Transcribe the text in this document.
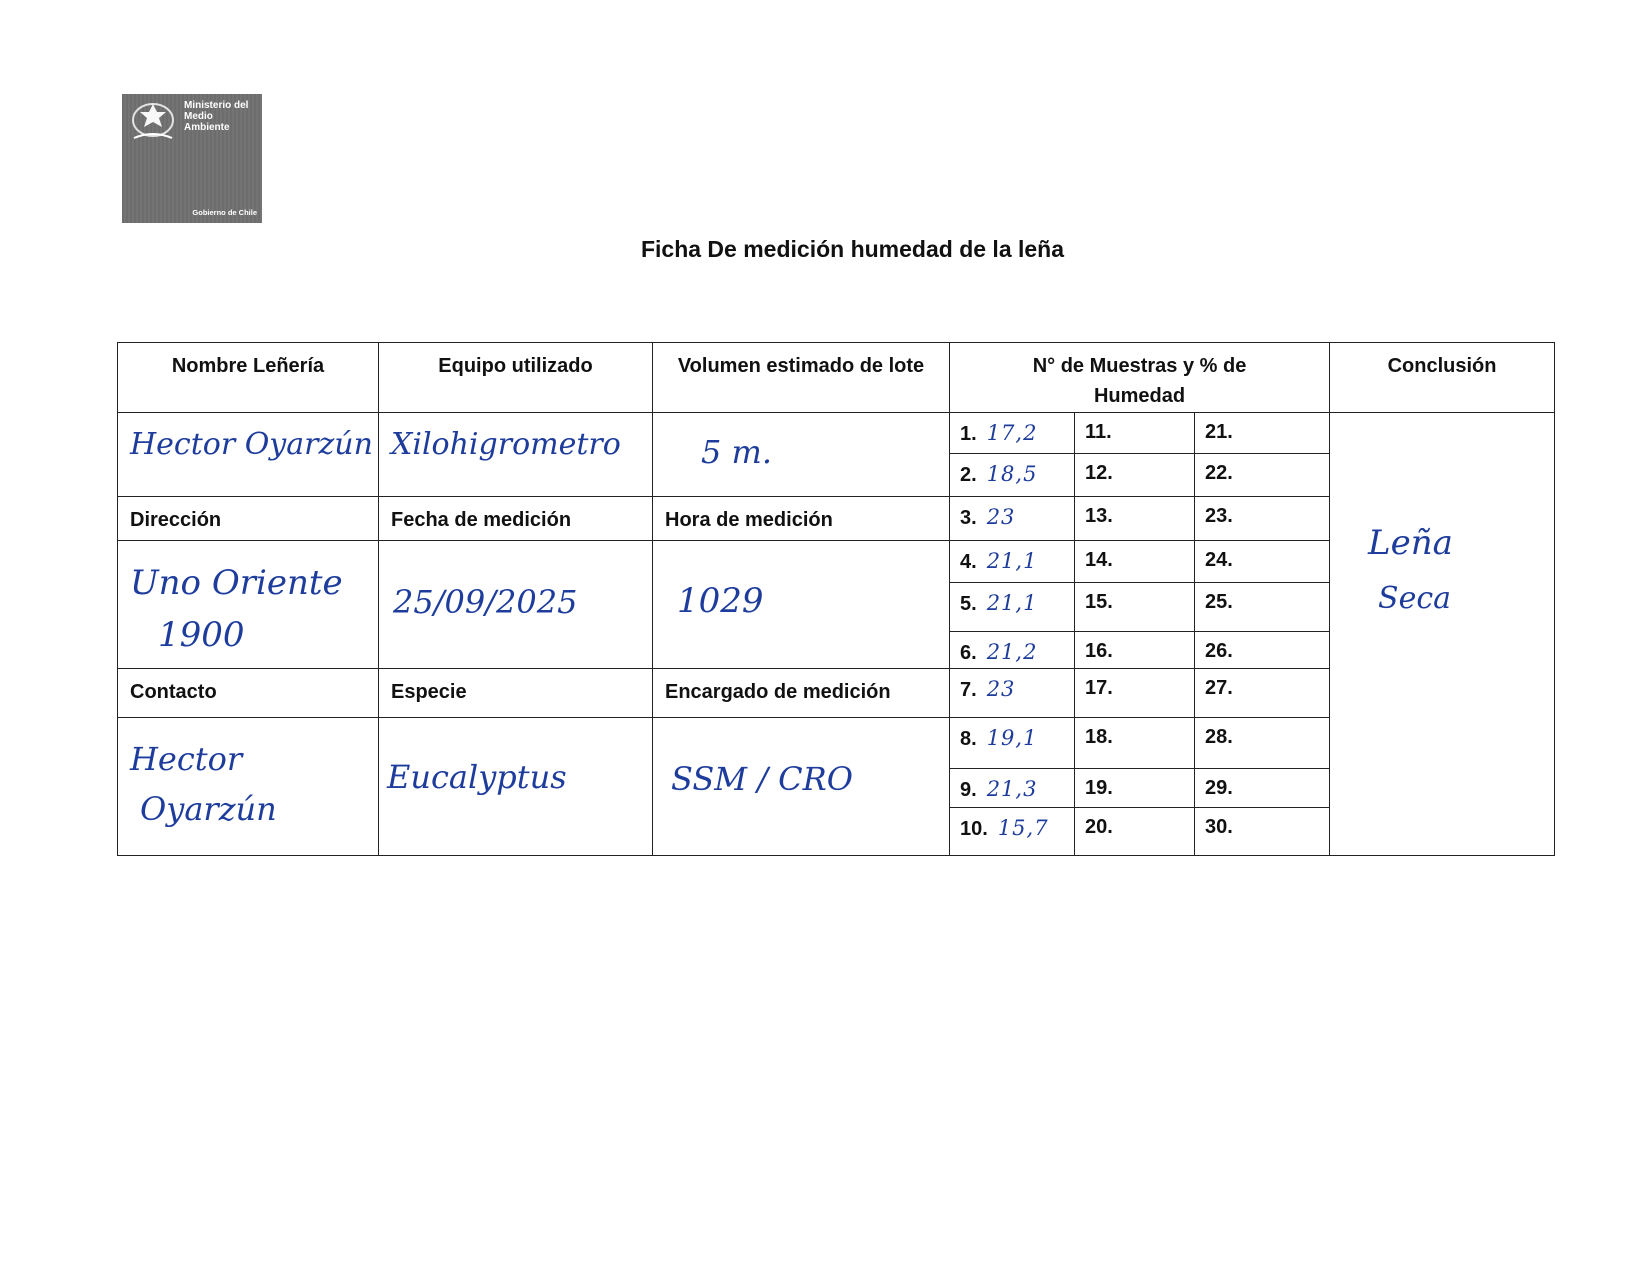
Ministerio del
Medio
Ambiente
Gobierno de Chile
Ficha De medición humedad de la leña
Nombre Leñería	Equipo utilizado	Volumen estimado de lote	N° de Muestras y % de Humedad			Conclusión

Hector Oyarzún	Xilohigrometro	5 m.	1. 17,2	11.	21.	Leña
Seca

			2. 18,5	12.	22.	
Dirección	Fecha de medición	Hora de medición	3. 23	13.	23.	

Uno Oriente
1900	25/09/2025	1029	4. 21,1	14.	24.	
			5. 21,1	15.	25.	
			6. 21,2	16.	26.	
Contacto	Especie	Encargado de medición	7. 23	17.	27.	

Hector
Oyarzún	Eucalyptus	SSM / CRO	8. 19,1	18.	28.	
			9. 21,3	19.	29.	
			10. 15,7	20.	30.	
